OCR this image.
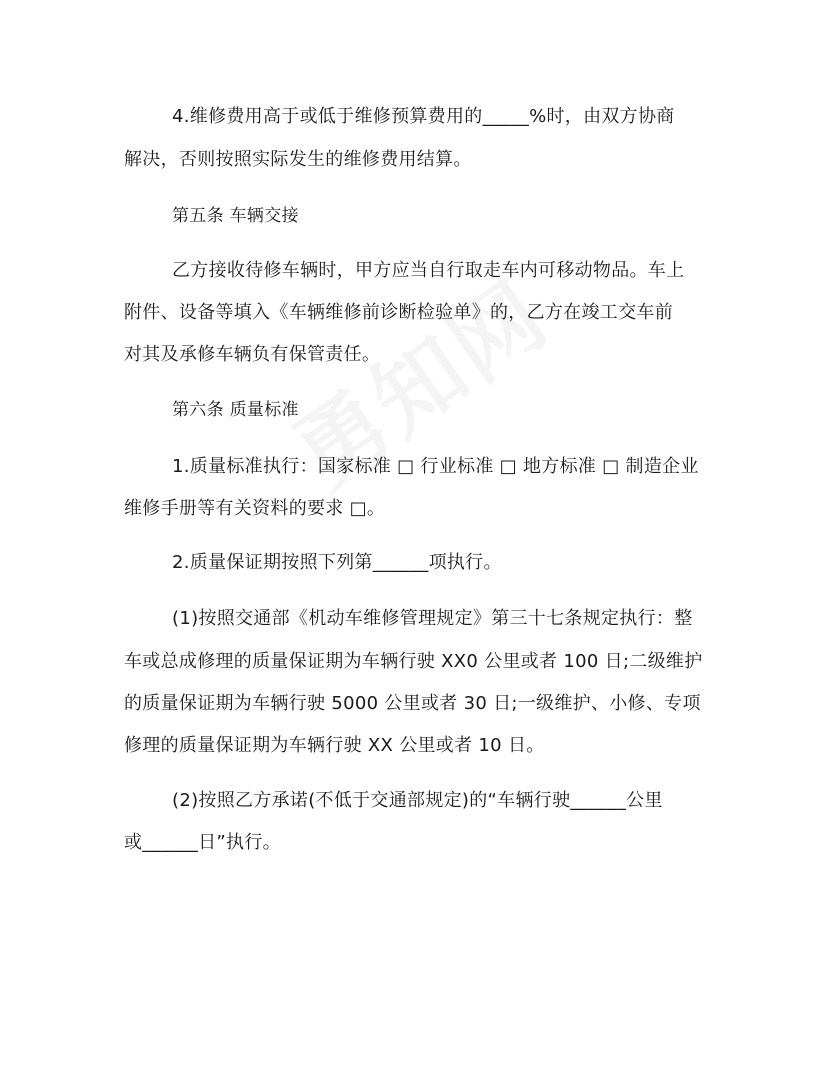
4.维修费用高于或低于维修预算费用的_____%时，由双方协商
解决，否则按照实际发生的维修费用结算。
第五条 车辆交接
乙方接收待修车辆时，甲方应当自行取走车内可移动物品。车上
附件、设备等填入《车辆维修前诊断检验单》的，乙方在竣工交车前
对其及承修车辆负有保管责任。
第六条 质量标准
1.质量标准执行：国家标准 □ 行业标准 □ 地方标准 □ 制造企业
维修手册等有关资料的要求 □。
2.质量保证期按照下列第______项执行。
(1)按照交通部《机动车维修管理规定》第三十七条规定执行：整
车或总成修理的质量保证期为车辆行驶 XX0 公里或者 100 日;二级维护
的质量保证期为车辆行驶 5000 公里或者 30 日;一级维护、小修、专项
修理的质量保证期为车辆行驶 XX 公里或者 10 日。
(2)按照乙方承诺(不低于交通部规定)的“车辆行驶______公里
或______日”执行。
